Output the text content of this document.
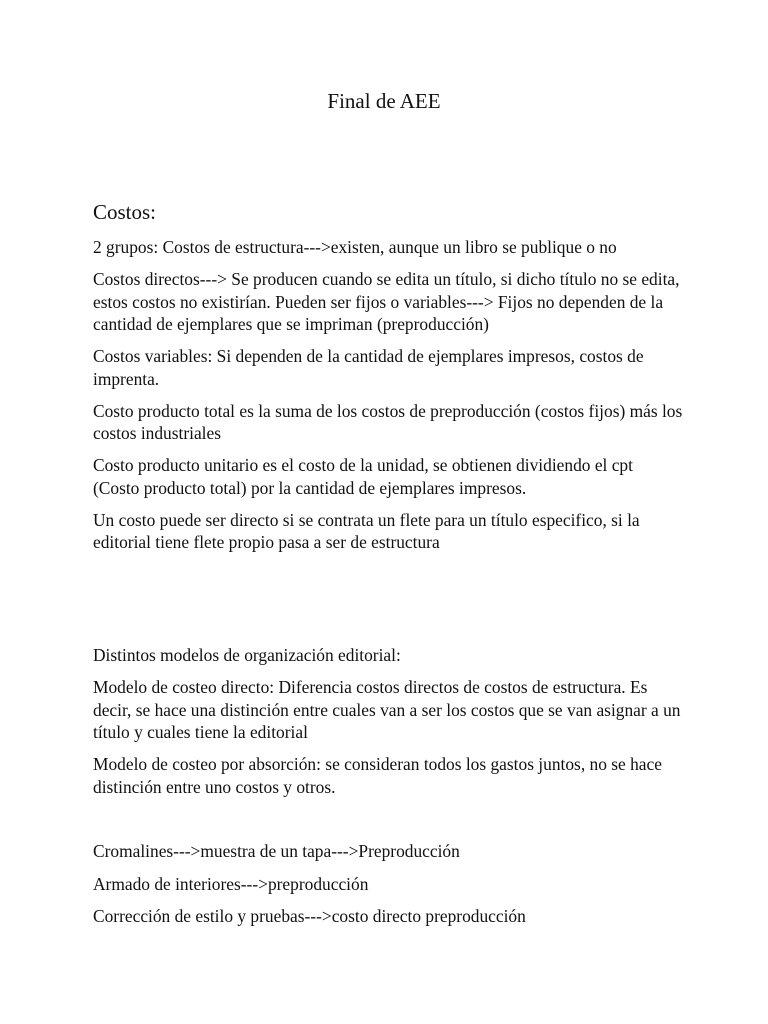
Final de AEE
Costos:

2 grupos: Costos de estructura--->existen, aunque un libro se publique o no

Costos directos---> Se producen cuando se edita un título, si dicho título no se edita, estos costos no existirían. Pueden ser fijos o variables---> Fijos no dependen de la cantidad de ejemplares que se impriman (preproducción)

Costos variables: Si dependen de la cantidad de ejemplares impresos, costos de imprenta.

Costo producto total es la suma de los costos de preproducción (costos fijos) más los costos industriales

Costo producto unitario es el costo de la unidad, se obtienen dividiendo el cpt (Costo producto total) por la cantidad de ejemplares impresos.

Un costo puede ser directo si se contrata un flete para un título especifico, si la editorial tiene flete propio pasa a ser de estructura

Distintos modelos de organización editorial:

Modelo de costeo directo: Diferencia costos directos de costos de estructura. Es decir, se hace una distinción entre cuales van a ser los costos que se van asignar a un título y cuales tiene la editorial

Modelo de costeo por absorción: se consideran todos los gastos juntos, no se hace distinción entre uno costos y otros.

Cromalines--->muestra de un tapa--->Preproducción

Armado de interiores--->preproducción

Corrección de estilo y pruebas--->costo directo preproducción
